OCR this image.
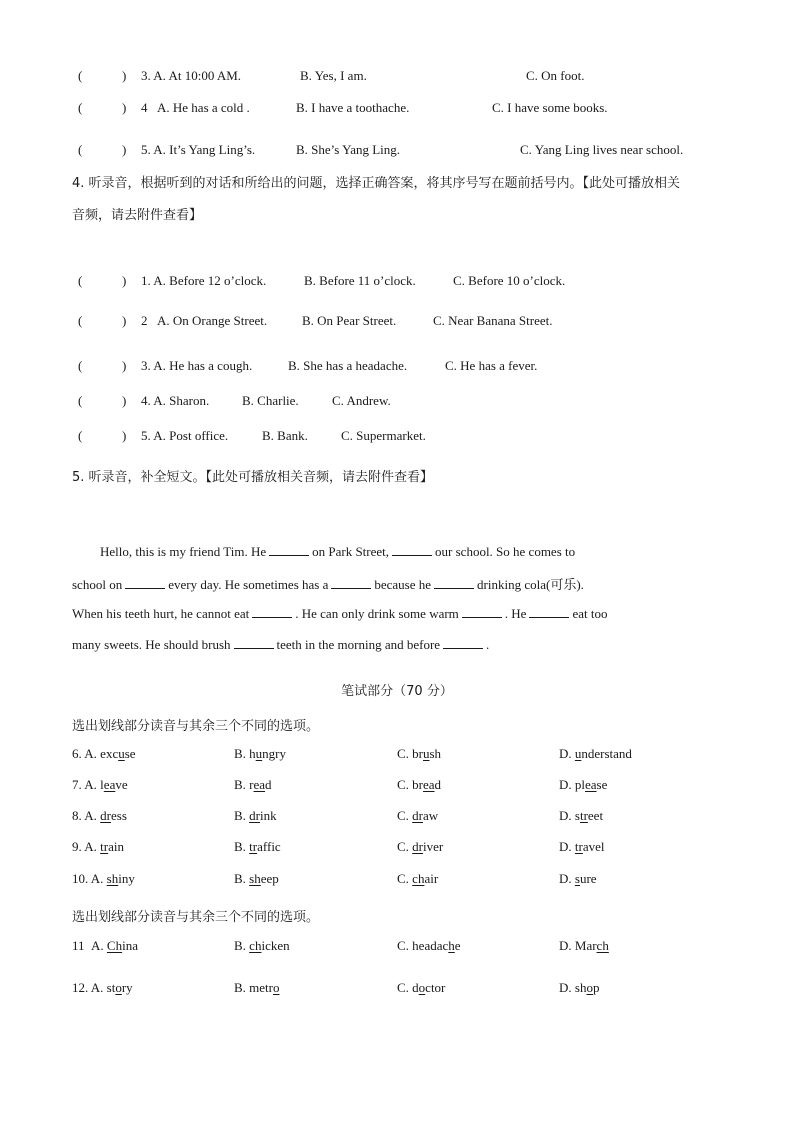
(	) 3. A. At 10:00 AM.	B. Yes, I am.	C. On foot.
(	) 4 A. He has a cold .	B. I have a toothache.	C. I have some books.
(	) 5. A. It’s Yang Ling’s.	B. She’s Yang Ling.	C. Yang Ling lives near school.
4. 听录音，根据听到的对话和所给出的问题，选择正确答案，将其序号写在题前括号内。【此处可播放相关
音频，请去附件查看】
(	) 1. A. Before 12 o’clock.	B. Before 11 o’clock.	C. Before 10 o’clock.
(	) 2 A. On Orange Street.	B. On Pear Street.	C. Near Banana Street.
(	) 3. A. He has a cough.	B. She has a headache.	C. He has a fever.
(	) 4. A. Sharon.	B. Charlie.	C. Andrew.
(	) 5. A. Post office.	B. Bank.	C. Supermarket.
5. 听录音，补全短文。【此处可播放相关音频，请去附件查看】
Hello, this is my friend Tim. He	on Park Street,	our school. So he comes to
school on	every day. He sometimes has a	because he	drinking cola(可乐).
When his teeth hurt, he cannot eat	. He can only drink some warm	. He	eat too
many sweets. He should brush	teeth in the morning and before	.
笔试部分（70 分）
选出划线部分读音与其余三个不同的选项。
6. A. excuse	B. hungry	C. brush	D. understand
7. A. leave	B. read	C. bread	D. please
8. A. dress	B. drink	C. draw	D. street
9. A. train	B. traffic	C. driver	D. travel
10. A. shiny	B. sheep	C. chair	D. sure
选出划线部分读音与其余三个不同的选项。
11 A. China	B. chicken	C. headache	D. March
12. A. story	B. metro	C. doctor	D. shop
